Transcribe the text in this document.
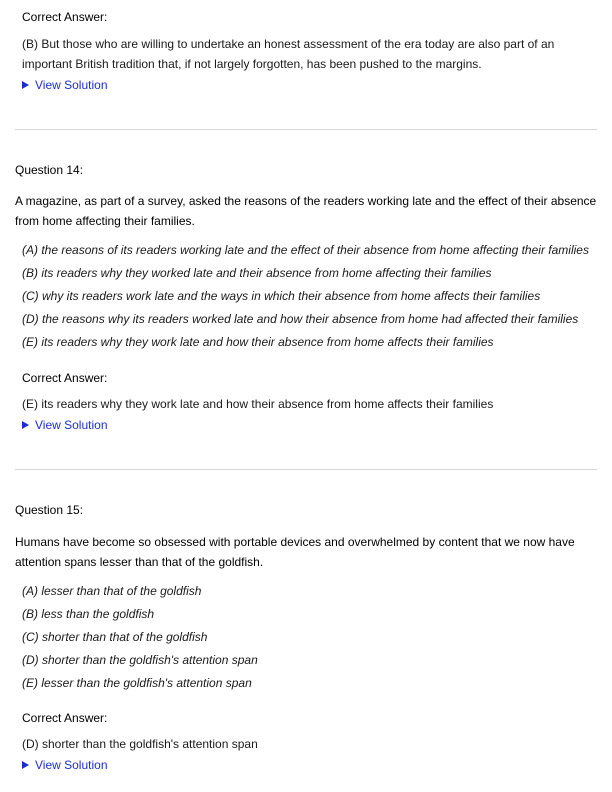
Correct Answer:

(B) But those who are willing to undertake an honest assessment of the era today are also part of an

important British tradition that, if not largely forgotten, has been pushed to the margins.

View Solution

Question 14:

A magazine, as part of a survey, asked the reasons of the readers working late and the effect of their absence
from home affecting their families.
(A) the reasons of its readers working late and the effect of their absence from home affecting their families
(B) its readers why they worked late and their absence from home affecting their families
(C) why its readers work late and the ways in which their absence from home affects their families
(D) the reasons why its readers worked late and how their absence from home had affected their families
(E) its readers why they work late and how their absence from home affects their families

Correct Answer:

(E) its readers why they work late and how their absence from home affects their families

View Solution

Question 15:

Humans have become so obsessed with portable devices and overwhelmed by content that we now have
attention spans lesser than that of the goldfish.
(A) lesser than that of the goldfish
(B) less than the goldfish
(C) shorter than that of the goldfish
(D) shorter than the goldfish's attention span
(E) lesser than the goldfish's attention span

Correct Answer:

(D) shorter than the goldfish's attention span

View Solution
